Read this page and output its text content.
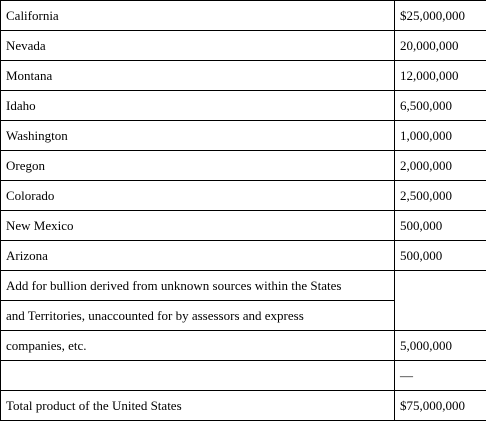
California	$25,000,000
Nevada	20,000,000
Montana	12,000,000
Idaho	6,500,000
Washington	1,000,000
Oregon	2,000,000
Colorado	2,500,000
New Mexico	500,000
Arizona	500,000
Add for bullion derived from unknown sources within the States	
and Territories, unaccounted for by assessors and express	
companies, etc.	5,000,000
	—
Total product of the United States	$75,000,000
